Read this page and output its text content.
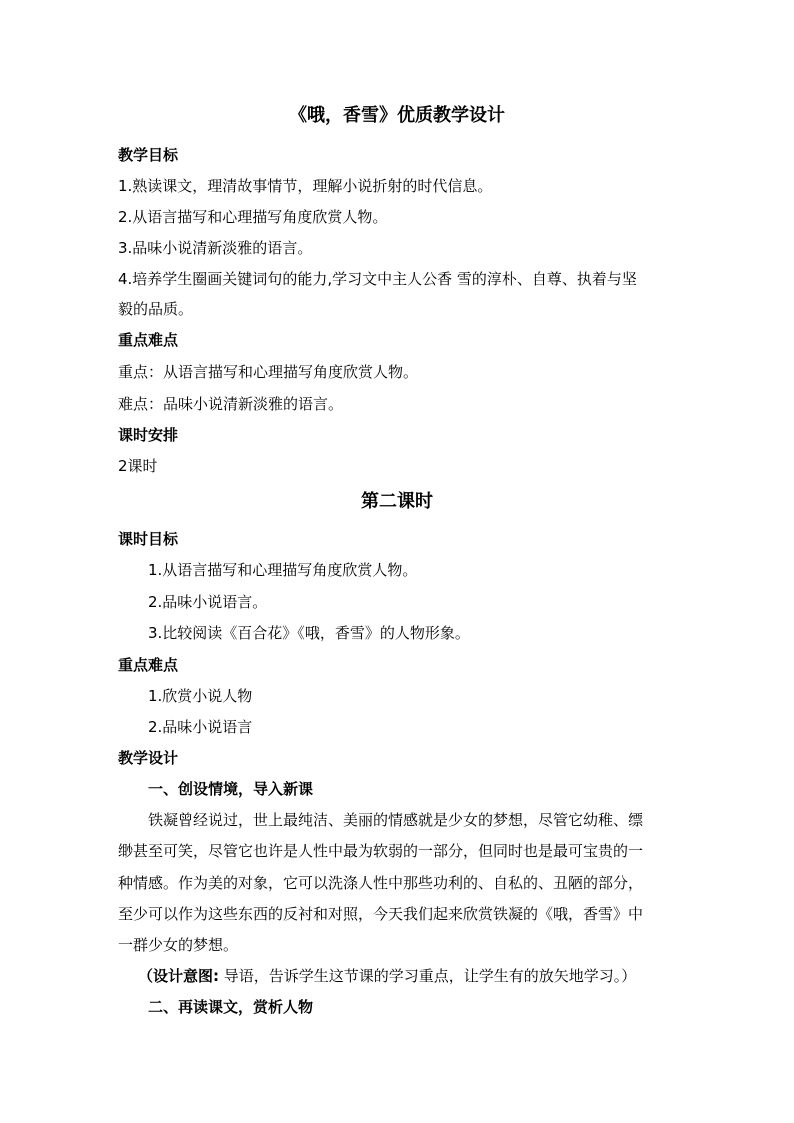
《哦，香雪》优质教学设计
教学目标
1.熟读课文，理清故事情节，理解小说折射的时代信息。
2.从语言描写和心理描写角度欣赏人物。
3.品味小说清新淡雅的语言。
4.培养学生圈画关键词句的能力,学习文中主人公香 雪的淳朴、自尊、执着与坚
毅的品质。
重点难点
重点：从语言描写和心理描写角度欣赏人物。
难点：品味小说清新淡雅的语言。
课时安排
2课时
第二课时
课时目标
1.从语言描写和心理描写角度欣赏人物。
2.品味小说语言。
3.比较阅读《百合花》《哦，香雪》的人物形象。
重点难点
1.欣赏小说人物
2.品味小说语言
教学设计
一、创设情境，导入新课
铁凝曾经说过，世上最纯洁、美丽的情感就是少女的梦想，尽管它幼稚、缥
缈甚至可笑，尽管它也许是人性中最为软弱的一部分，但同时也是最可宝贵的一
种情感。作为美的对象，它可以洗涤人性中那些功利的、自私的、丑陋的部分，
至少可以作为这些东西的反衬和对照，今天我们起来欣赏铁凝的《哦，香雪》中
一群少女的梦想。
（设计意图: 导语，告诉学生这节课的学习重点，让学生有的放矢地学习。）
二、再读课文，赏析人物
